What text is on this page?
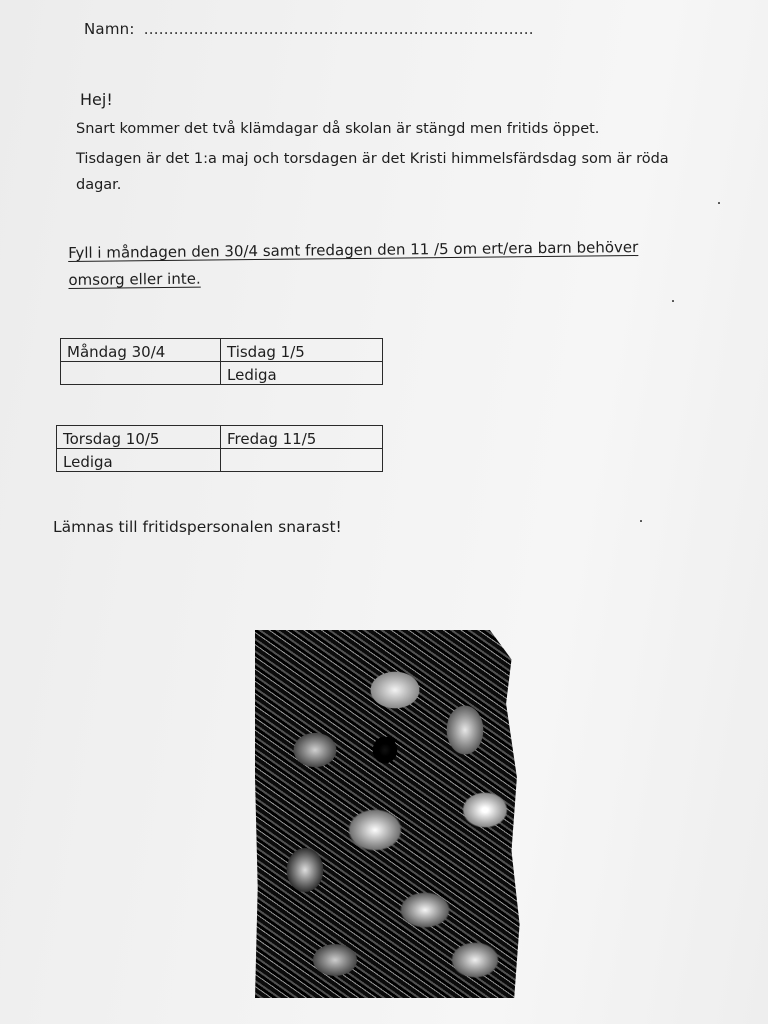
Namn: ……………………………………………………………………
Hej!
Snart kommer det två klämdagar då skolan är stängd men fritids öppet.
Tisdagen är det 1:a maj och torsdagen är det Kristi himmelsfärdsdag som är röda dagar.
Fyll i måndagen den 30/4 samt fredagen den 11 /5 om ert/era barn behöver omsorg eller inte.
Måndag 30/4	Tisdag 1/5
	Lediga
Torsdag 10/5	Fredag 11/5
Lediga	
Lämnas till fritidspersonalen snarast!
